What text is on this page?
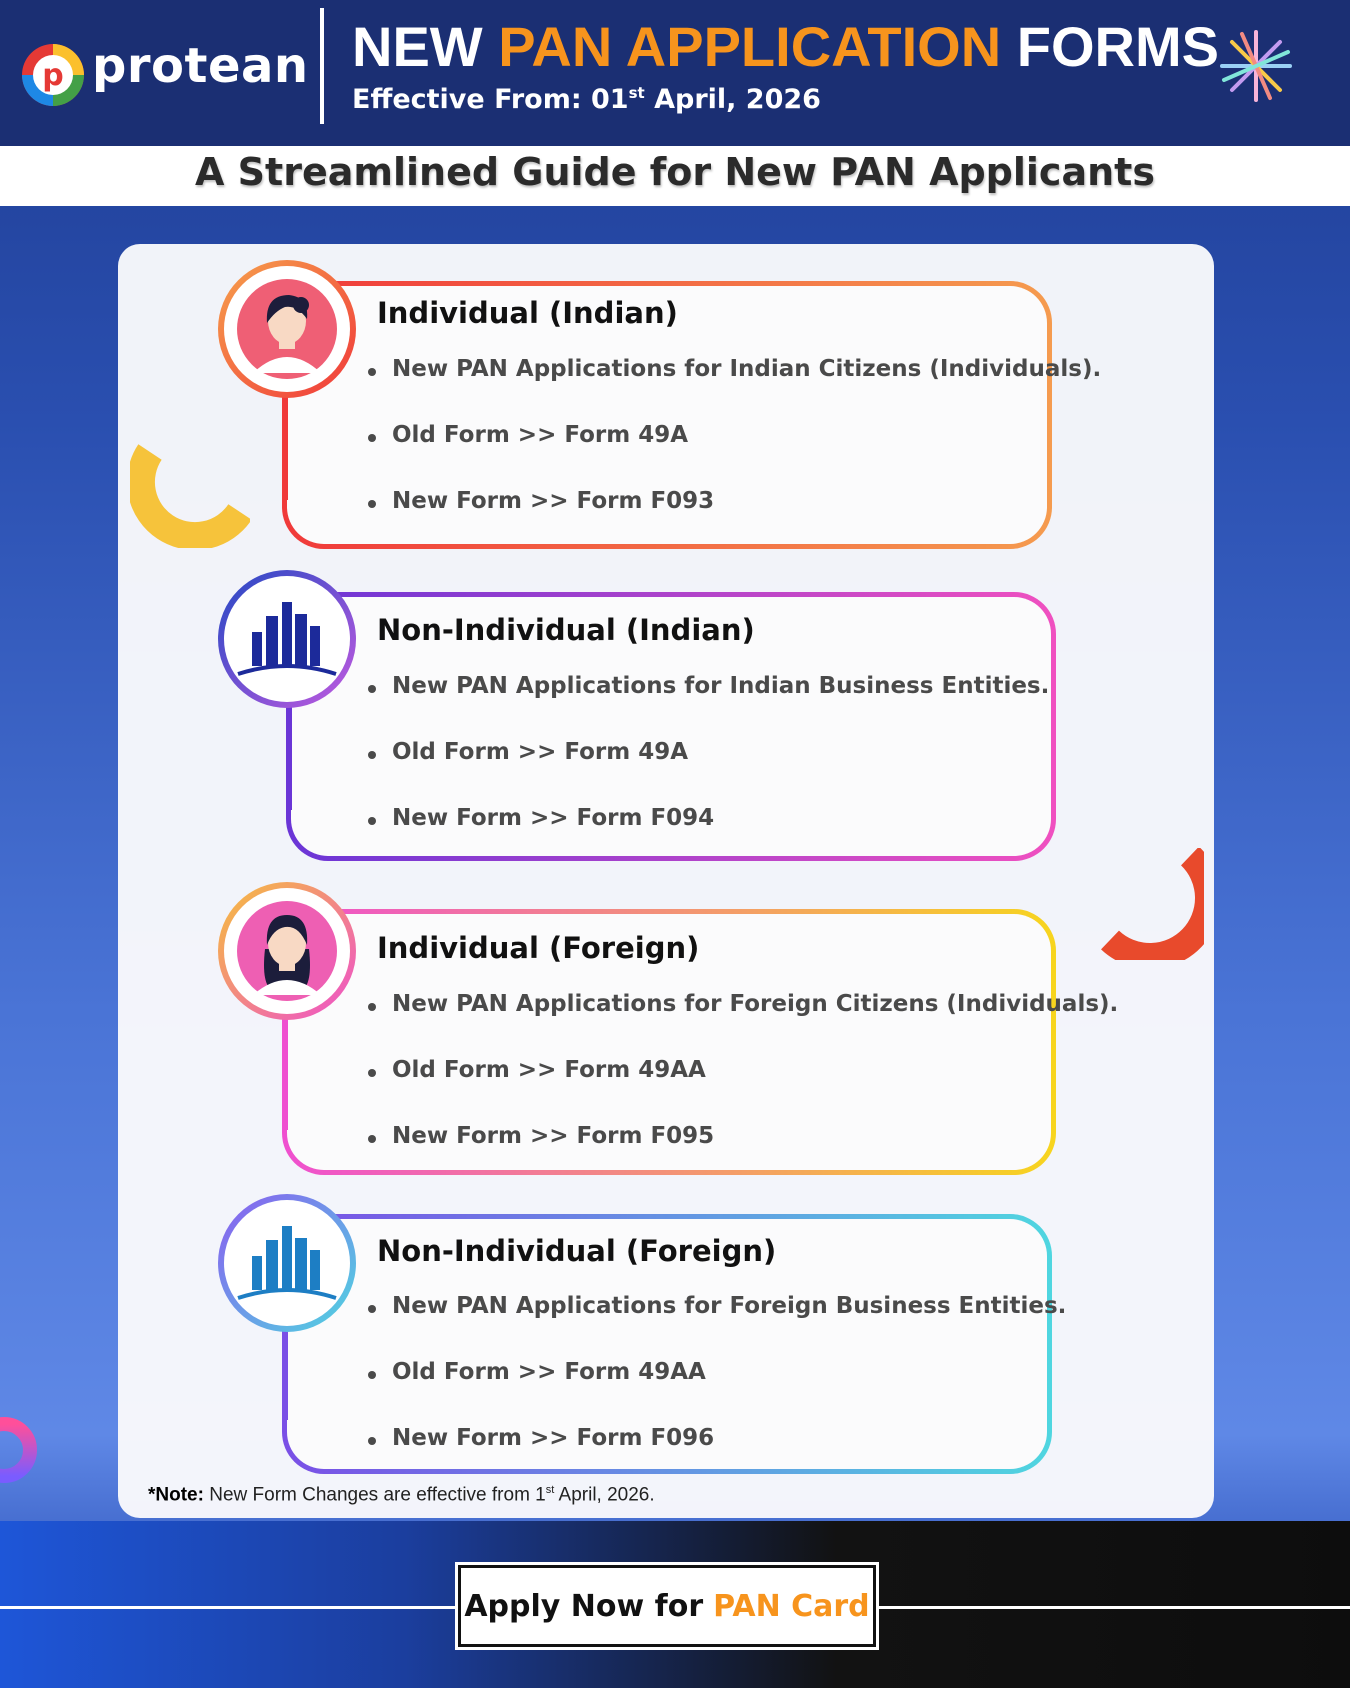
p protean NEW PAN APPLICATION FORMS
Effective From: 01st April, 2026
A Streamlined Guide for New PAN Applicants
Individual (Indian)
New PAN Applications for Indian Citizens (Individuals).
Old Form >> Form 49A
New Form >> Form F093
Non-Individual (Indian)
New PAN Applications for Indian Business Entities.
Old Form >> Form 49A
New Form >> Form F094
Individual (Foreign)
New PAN Applications for Foreign Citizens (Individuals).
Old Form >> Form 49AA
New Form >> Form F095
Non-Individual (Foreign)
New PAN Applications for Foreign Business Entities.
Old Form >> Form 49AA
New Form >> Form F096
*Note: New Form Changes are effective from 1st April, 2026.
Apply Now for PAN Card
